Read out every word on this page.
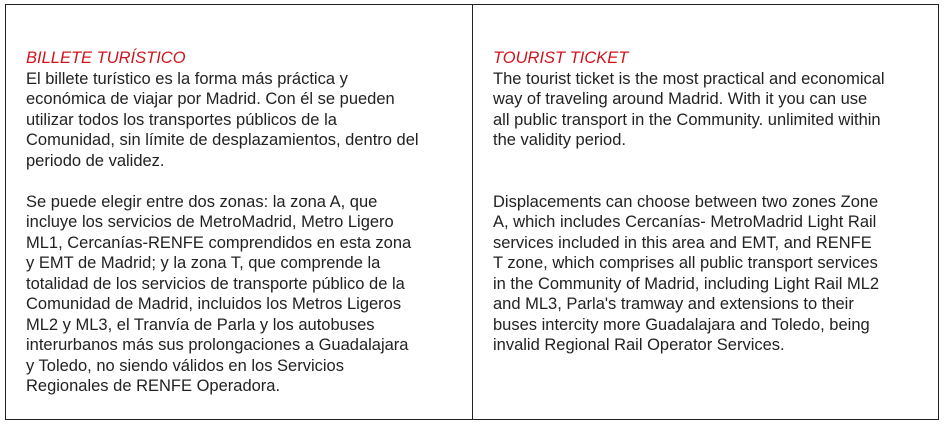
BILLETE TURÍSTICO

El billete turístico es la forma más práctica y
económica de viajar por Madrid. Con él se pueden
utilizar todos los transportes públicos de la
Comunidad, sin límite de desplazamientos, dentro del
periodo de validez.

Se puede elegir entre dos zonas: la zona A, que
incluye los servicios de MetroMadrid, Metro Ligero
ML1, Cercanías-RENFE comprendidos en esta zona
y EMT de Madrid; y la zona T, que comprende la
totalidad de los servicios de transporte público de la
Comunidad de Madrid, incluidos los Metros Ligeros
ML2 y ML3, el Tranvía de Parla y los autobuses
interurbanos más sus prolongaciones a Guadalajara
y Toledo, no siendo válidos en los Servicios
Regionales de RENFE Operadora.

TOURIST TICKET

The tourist ticket is the most practical and economical
way of traveling around Madrid. With it you can use
all public transport in the Community. unlimited within
the validity period.

Displacements can choose between two zones Zone
A, which includes Cercanías- MetroMadrid Light Rail
services included in this area and EMT, and RENFE
T zone, which comprises all public transport services
in the Community of Madrid, including Light Rail ML2
and ML3, Parla's tramway and extensions to their
buses intercity more Guadalajara and Toledo, being
invalid Regional Rail Operator Services.
